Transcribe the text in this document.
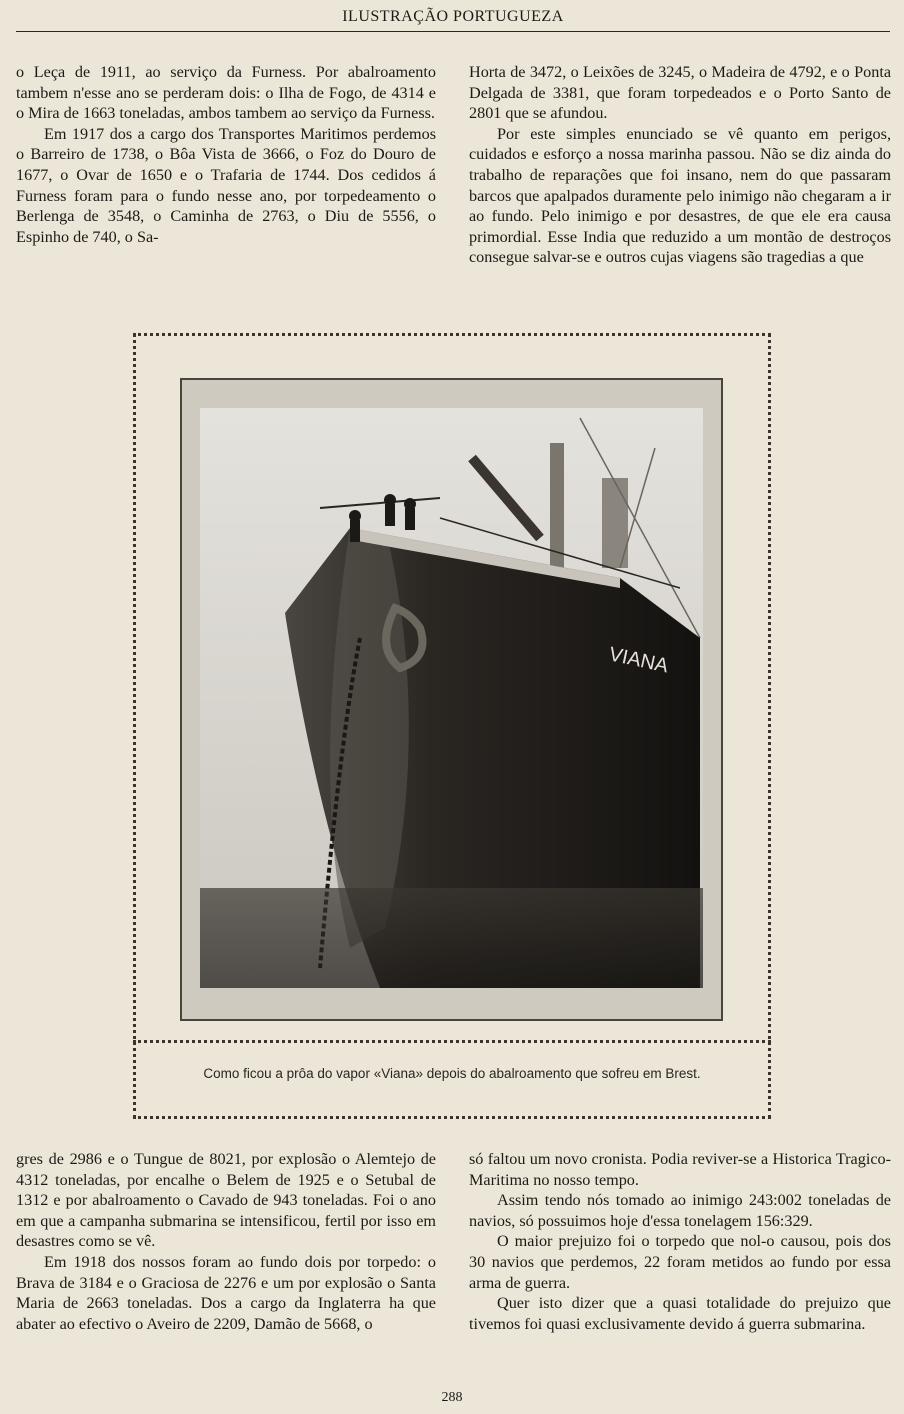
ILUSTRAÇÃO PORTUGUEZA

o Leça de 1911, ao serviço da Furness. Por abalroamento tambem n'esse ano se perderam dois: o Ilha de Fogo, de 4314 e o Mira de 1663 toneladas, ambos tambem ao serviço da Furness.

Em 1917 dos a cargo dos Transportes Maritimos perdemos o Barreiro de 1738, o Bôa Vista de 3666, o Foz do Douro de 1677, o Ovar de 1650 e o Trafaria de 1744. Dos cedidos á Furness foram para o fundo nesse ano, por torpedeamento o Berlenga de 3548, o Caminha de 2763, o Diu de 5556, o Espinho de 740, o Sa-

Horta de 3472, o Leixões de 3245, o Madeira de 4792, e o Ponta Delgada de 3381, que foram torpedeados e o Porto Santo de 2801 que se afundou.

Por este simples enunciado se vê quanto em perigos, cuidados e esforço a nossa marinha passou. Não se diz ainda do trabalho de reparações que foi insano, nem do que passaram barcos que apalpados duramente pelo inimigo não chegaram a ir ao fundo. Pelo inimigo e por desastres, de que ele era causa primordial. Esse India que reduzido a um montão de destroços consegue salvar-se e outros cujas viagens são tragedias a que

VIANA
Como ficou a prôa do vapor «Viana» depois do abalroamento que sofreu em Brest.

gres de 2986 e o Tungue de 8021, por explosão o Alemtejo de 4312 toneladas, por encalhe o Belem de 1925 e o Setubal de 1312 e por abalroamento o Cavado de 943 toneladas. Foi o ano em que a campanha submarina se intensificou, fertil por isso em desastres como se vê.

Em 1918 dos nossos foram ao fundo dois por torpedo: o Brava de 3184 e o Graciosa de 2276 e um por explosão o Santa Maria de 2663 toneladas. Dos a cargo da Inglaterra ha que abater ao efectivo o Aveiro de 2209, Damão de 5668, o

só faltou um novo cronista. Podia reviver-se a Historica Tragico-Maritima no nosso tempo.

Assim tendo nós tomado ao inimigo 243:002 toneladas de navios, só possuimos hoje d'essa tonelagem 156:329.

O maior prejuizo foi o torpedo que nol-o causou, pois dos 30 navios que perdemos, 22 foram metidos ao fundo por essa arma de guerra.

Quer isto dizer que a quasi totalidade do prejuizo que tivemos foi quasi exclusivamente devido á guerra submarina.

288
